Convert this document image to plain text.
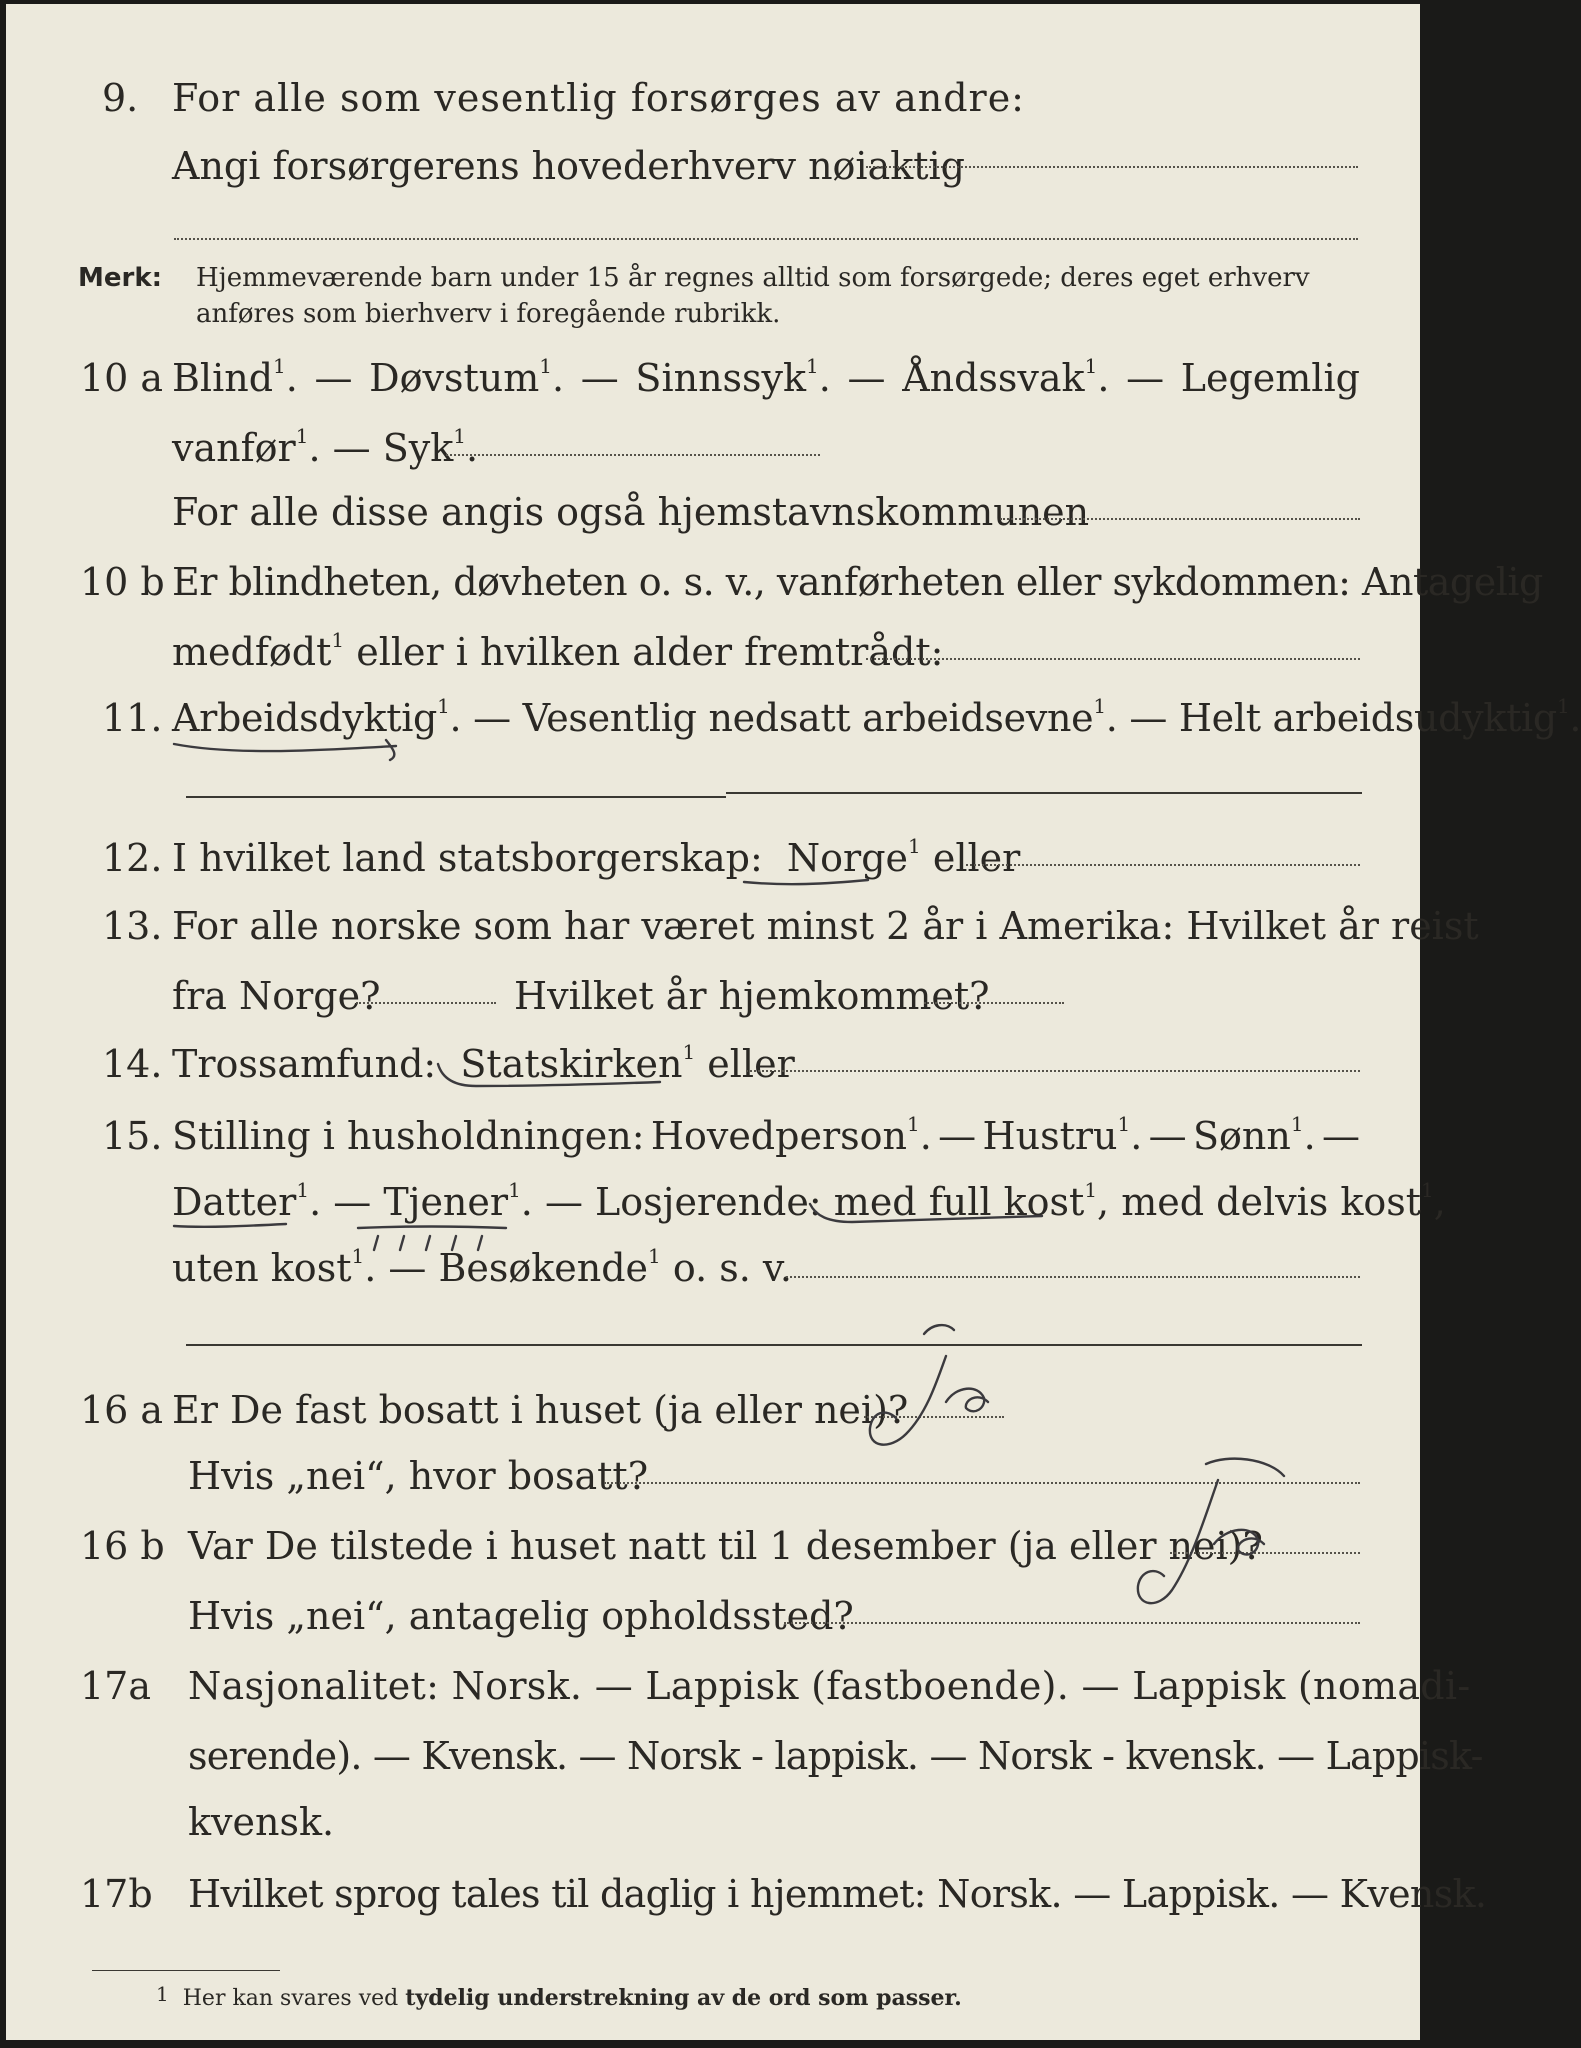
9. For alle som vesentlig forsørges av andre:
Angi forsørgerens hovederhverv nøiaktig
Merk: Hjemmeværende barn under 15 år regnes alltid som forsørgede; deres eget erhverv
anføres som bierhverv i foregående rubrikk.
10 a Blind$^1$. — Døvstum$^1$. — Sinnssyk$^1$. — Åndssvak$^1$. — Legemlig
vanfør$^1$. — Syk$^1$.
For alle disse angis også hjemstavnskommunen
10 b Er blindheten, døvheten o. s. v., vanførheten eller sykdommen: Antagelig
medfødt$^1$ eller i hvilken alder fremtrådt:
11. Arbeidsdyktig$^1$. — Vesentlig nedsatt arbeidsevne$^1$. — Helt arbeidsudyktig$^1$.
12. I hvilket land statsborgerskap: Norge$^1$ eller
13. For alle norske som har været minst 2 år i Amerika: Hvilket år reist
fra Norge?	Hvilket år hjemkommet?
14. Trossamfund: Statskirken$^1$ eller
15. Stilling i husholdningen: Hovedperson$^1$. — Hustru$^1$. — Sønn$^1$. —
Datter$^1$. — Tjener$^1$. — Losjerende: med full kost$^1$, med delvis kost$^1$,
uten kost$^1$. — Besøkende$^1$ o. s. v.
16 a Er De fast bosatt i huset (ja eller nei)?
Hvis „nei“, hvor bosatt?
16 b Var De tilstede i huset natt til 1 desember (ja eller nei)?
Hvis „nei“, antagelig opholdssted?
17a Nasjonalitet: Norsk. — Lappisk (fastboende). — Lappisk (nomadi-
serende). — Kvensk. — Norsk - lappisk. — Norsk - kvensk. — Lappisk-
kvensk.
17b Hvilket sprog tales til daglig i hjemmet: Norsk. — Lappisk. — Kvensk.
$^1$ Her kan svares ved tydelig understrekning av de ord som passer.
